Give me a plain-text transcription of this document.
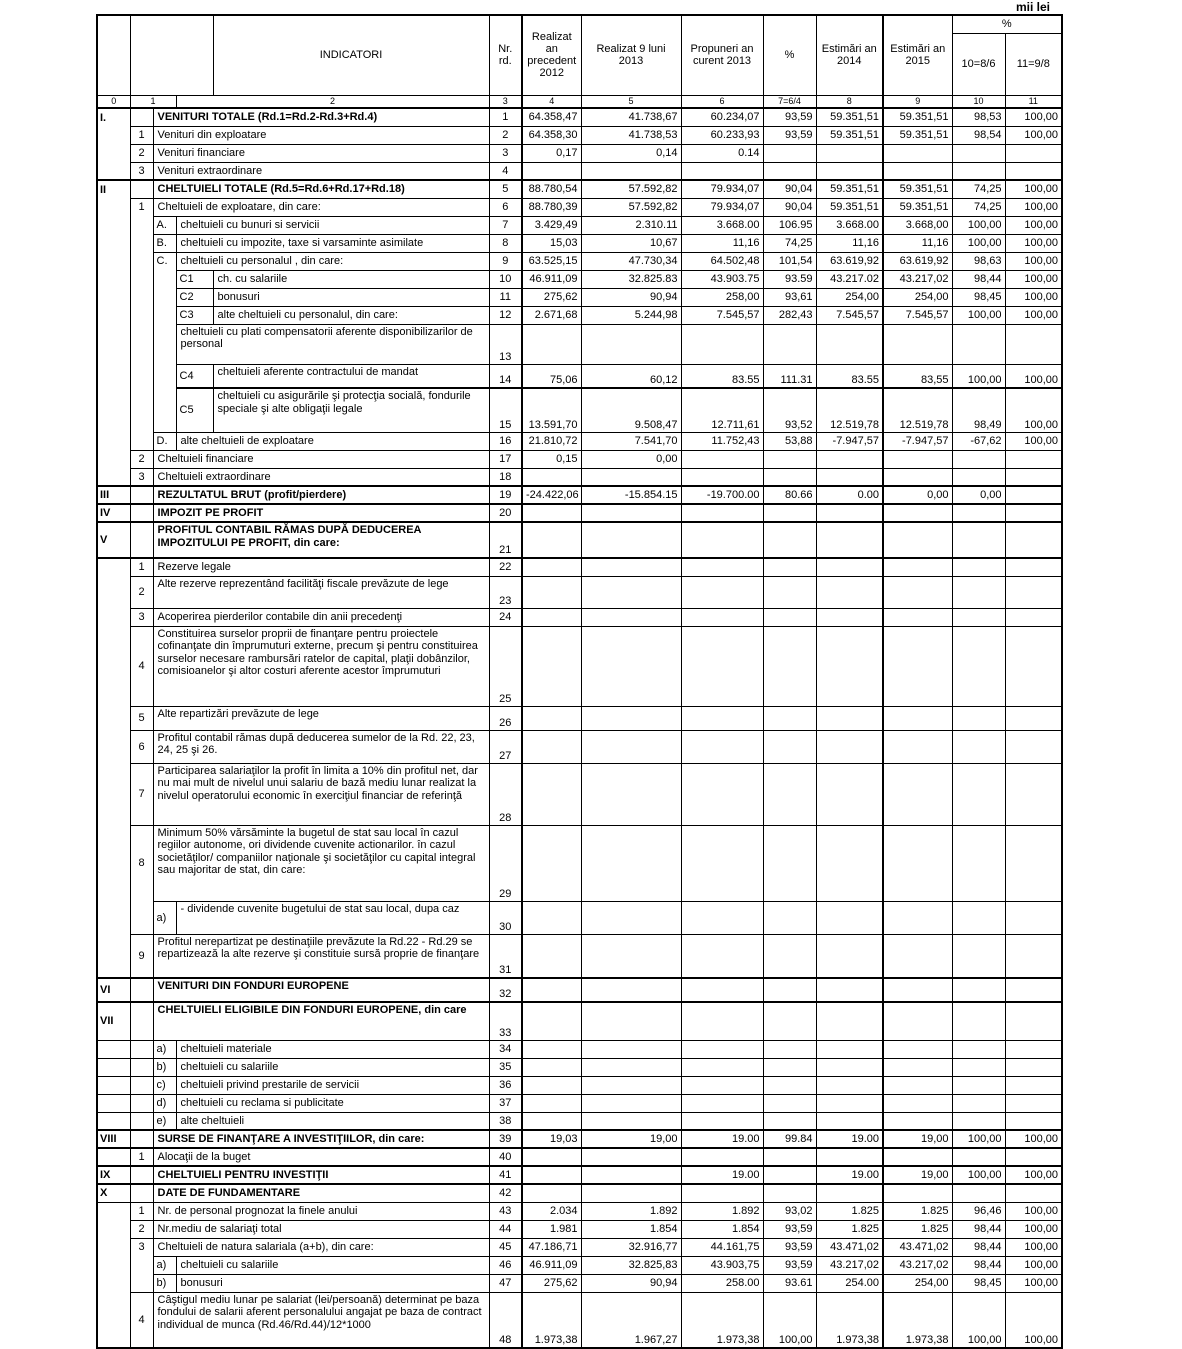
mii lei
				INDICATORI	Nr. rd.	Realizat an precedent 2012	Realizat 9 luni 2013	Propuneri an curent 2013	%	Estimări an 2014	Estimări an 2015	%	
												10=8/6	11=9/8
0	1		2		3	4	5	6	7=6/4	8	9	10	11
I.		VENITURI TOTALE (Rd.1=Rd.2-Rd.3+Rd.4)			1	64.358,47	41.738,67	60.234,07	93,59	59.351,51	59.351,51	98,53	100,00
	1	Venituri din exploatare			2	64.358,30	41.738,53	60.233,93	93,59	59.351,51	59.351,51	98,54	100,00
	2	Venituri financiare			3	0,17	0,14	0.14					
	3	Venituri extraordinare			4								
II		CHELTUIELI TOTALE (Rd.5=Rd.6+Rd.17+Rd.18)			5	88.780,54	57.592,82	79.934,07	90,04	59.351,51	59.351,51	74,25	100,00
	1	Cheltuieli de exploatare, din care:			6	88.780,39	57.592,82	79.934,07	90,04	59.351,51	59.351,51	74,25	100,00
		A.	cheltuieli cu bunuri si servicii		7	3.429,49	2.310.11	3.668.00	106.95	3.668.00	3.668,00	100,00	100,00
		B.	cheltuieli cu impozite, taxe si varsaminte asimilate		8	15,03	10,67	11,16	74,25	11,16	11,16	100,00	100,00
		C.	cheltuieli cu personalul , din care:		9	63.525,15	47.730,34	64.502,48	101,54	63.619,92	63.619,92	98,63	100,00
			C1	ch. cu salariile	10	46.911,09	32.825.83	43.903.75	93.59	43.217.02	43.217,02	98,44	100,00
			C2	bonusuri	11	275,62	90,94	258,00	93,61	254,00	254,00	98,45	100,00
			C3	alte cheltuieli cu personalul, din care:	12	2.671,68	5.244,98	7.545,57	282,43	7.545,57	7.545,57	100,00	100,00
			cheltuieli cu plati compensatorii aferente disponibilizarilor de personal		13								
			C4	cheltuieli aferente contractului de mandat	14	75,06	60,12	83.55	111.31	83.55	83,55	100,00	100,00
			C5	cheltuieli cu asigurările şi protecţia socială, fondurile speciale şi alte obligaţii legale	15	13.591,70	9.508,47	12.711,61	93,52	12.519,78	12.519,78	98,49	100,00
		D.	alte cheltuieli de exploatare		16	21.810,72	7.541,70	11.752,43	53,88	-7.947,57	-7.947,57	-67,62	100,00
	2	Cheltuieli financiare			17	0,15	0,00						
	3	Cheltuieli extraordinare			18								
III		REZULTATUL BRUT (profit/pierdere)			19	-24.422,06	-15.854.15	-19.700.00	80.66	0.00	0,00	0,00	
IV		IMPOZIT PE PROFIT			20								
V		PROFITUL CONTABIL RĂMAS DUPĂ DEDUCEREA IMPOZITULUI PE PROFIT, din care:			21								
	1	Rezerve legale			22								
	2	Alte rezerve reprezentând facilităţi fiscale prevăzute de lege			23								
	3	Acoperirea pierderilor contabile din anii precedenţi			24								
	4	Constituirea surselor proprii de finanţare pentru proiectele cofinanţate din împrumuturi externe, precum şi pentru constituirea surselor necesare rambursări ratelor de capital, plaţii dobânzilor, comisioanelor şi altor costuri aferente acestor împrumuturi			25								
	5	Alte repartizări prevăzute de lege			26								
	6	Profitul contabil rămas după deducerea sumelor de la Rd. 22, 23, 24, 25 şi 26.			27								
	7	Participarea salariaţilor la profit în limita a 10% din profitul net, dar nu mai mult de nivelul unui salariu de bază mediu lunar realizat la nivelul operatorului economic în exerciţiul financiar de referinţă			28								
	8	Minimum 50% vărsăminte la bugetul de stat sau local în cazul regiilor autonome, ori dividende cuvenite actionarilor. în cazul societăţilor/ companiilor naţionale şi societăţilor cu capital integral sau majoritar de stat, din care:			29								
		a)	- dividende cuvenite bugetului de stat sau local, dupa caz		30								
	9	Profitul nerepartizat pe destinaţiile prevăzute la Rd.22 - Rd.29 se repartizează la alte rezerve şi constituie sursă proprie de finanţare			31								
VI		VENITURI DIN FONDURI EUROPENE			32								
VII		CHELTUIELI ELIGIBILE DIN FONDURI EUROPENE, din care			33								
		a)	cheltuieli materiale		34								
		b)	cheltuieli cu salariile		35								
		c)	cheltuieli privind prestarile de servicii		36								
		d)	cheltuieli cu reclama si publicitate		37								
		e)	alte cheltuieli		38								
VIII		SURSE DE FINANŢARE A INVESTIŢIILOR, din care:			39	19,03	19,00	19.00	99.84	19.00	19,00	100,00	100,00
	1	Alocaţii de la buget			40								
IX		CHELTUIELI PENTRU INVESTIŢII			41			19.00		19.00	19,00	100,00	100,00
X		DATE DE FUNDAMENTARE			42								
	1	Nr. de personal prognozat la finele anului			43	2.034	1.892	1.892	93,02	1.825	1.825	96,46	100,00
	2	Nr.mediu de salariaţi total			44	1.981	1.854	1.854	93,59	1.825	1.825	98,44	100,00
	3	Cheltuieli de natura salariala (a+b), din care:			45	47.186,71	32.916,77	44.161,75	93,59	43.471,02	43.471,02	98,44	100,00
		a)	cheltuieli cu salariile		46	46.911,09	32.825,83	43.903,75	93,59	43.217,02	43.217,02	98,44	100,00
		b)	bonusuri		47	275,62	90,94	258.00	93.61	254.00	254,00	98,45	100,00
	4	Câştigul mediu lunar pe salariat (lei/persoană) determinat pe baza fondului de salarii aferent personalului angajat pe baza de contract individual de munca (Rd.46/Rd.44)/12*1000			48	1.973,38	1.967,27	1.973,38	100,00	1.973,38	1.973,38	100,00	100,00
